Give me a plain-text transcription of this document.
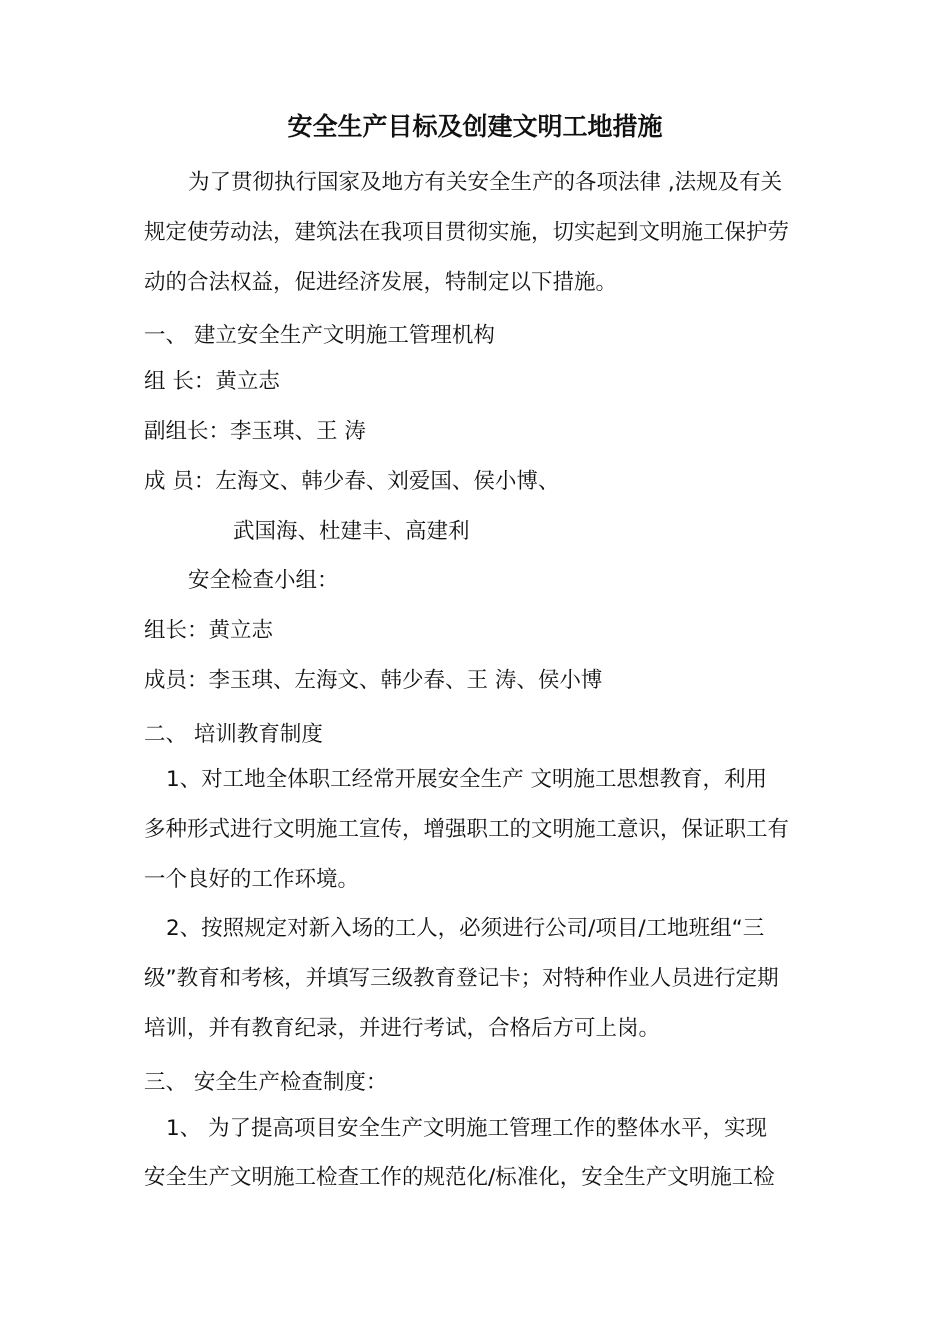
安全生产目标及创建文明工地措施
为了贯彻执行国家及地方有关安全生产的各项法律 ,法规及有关
规定使劳动法，建筑法在我项目贯彻实施，切实起到文明施工保护劳
动的合法权益，促进经济发展，特制定以下措施。
一、 建立安全生产文明施工管理机构
组 长：黄立志
副组长：李玉琪、王 涛
成 员：左海文、韩少春、刘爱国、侯小博、
武国海、杜建丰、高建利
安全检查小组：
组长：黄立志
成员：李玉琪、左海文、韩少春、王 涛、侯小博
二、 培训教育制度
1、对工地全体职工经常开展安全生产 文明施工思想教育，利用
多种形式进行文明施工宣传，增强职工的文明施工意识，保证职工有
一个良好的工作环境。
2、按照规定对新入场的工人，必须进行公司/项目/工地班组“三
级”教育和考核，并填写三级教育登记卡；对特种作业人员进行定期
培训，并有教育纪录，并进行考试，合格后方可上岗。
三、 安全生产检查制度：
1、 为了提高项目安全生产文明施工管理工作的整体水平，实现
安全生产文明施工检查工作的规范化/标准化，安全生产文明施工检
